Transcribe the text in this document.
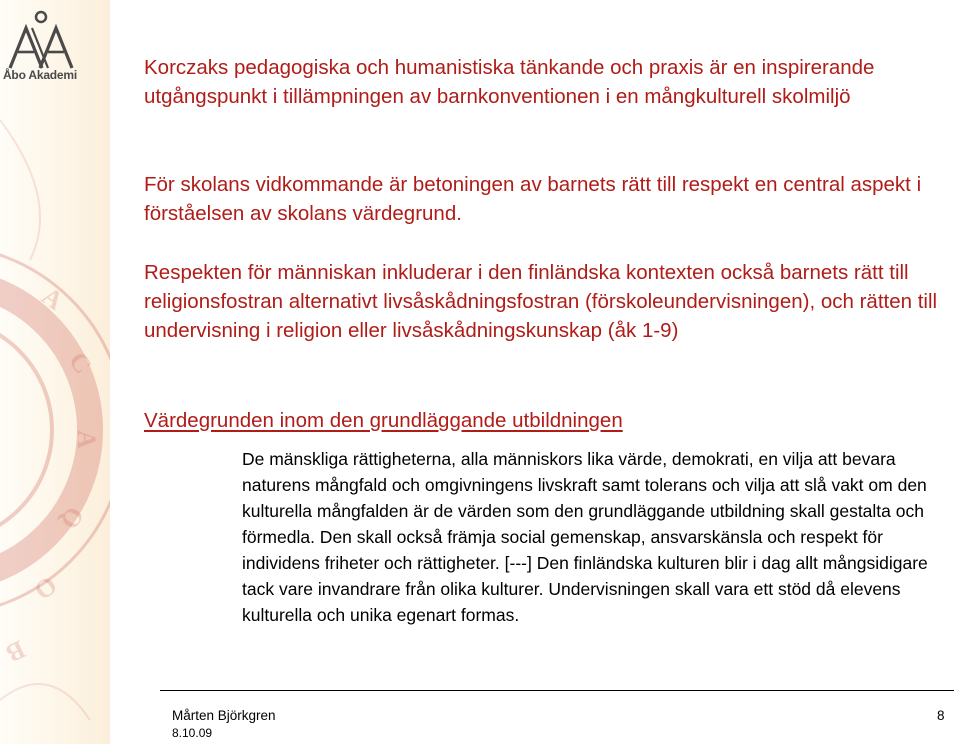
A
C
A
Q
O
B
Åbo Akademi	Korczaks pedagogiska och humanistiska tänkande och praxis är en inspirerande utgångspunkt i tillämpningen av barnkonventionen i en mångkulturell skolmiljö

För skolans vidkommande är betoningen av barnets rätt till respekt en central aspekt i förståelsen av skolans värdegrund.

Respekten för människan inkluderar i den finländska kontexten också barnets rätt till religionsfostran alternativt livsåskådningsfostran (förskoleundervisningen), och rätten till undervisning i religion eller livsåskådningskunskap (åk 1-9)

Värdegrunden inom den grundläggande utbildningen

De mänskliga rättigheterna, alla människors lika värde, demokrati, en vilja att bevara naturens mångfald och omgivningens livskraft samt tolerans och vilja att slå vakt om den kulturella mångfalden är de värden som den grundläggande utbildning skall gestalta och förmedla. Den skall också främja social gemenskap, ansvarskänsla och respekt för individens friheter och rättigheter. [---] Den finländska kulturen blir i dag allt mångsidigare tack vare invandrare från olika kulturer. Undervisningen skall vara ett stöd då elevens kulturella och unika egenart formas.

Mårten Björkgren
8.10.09
8
